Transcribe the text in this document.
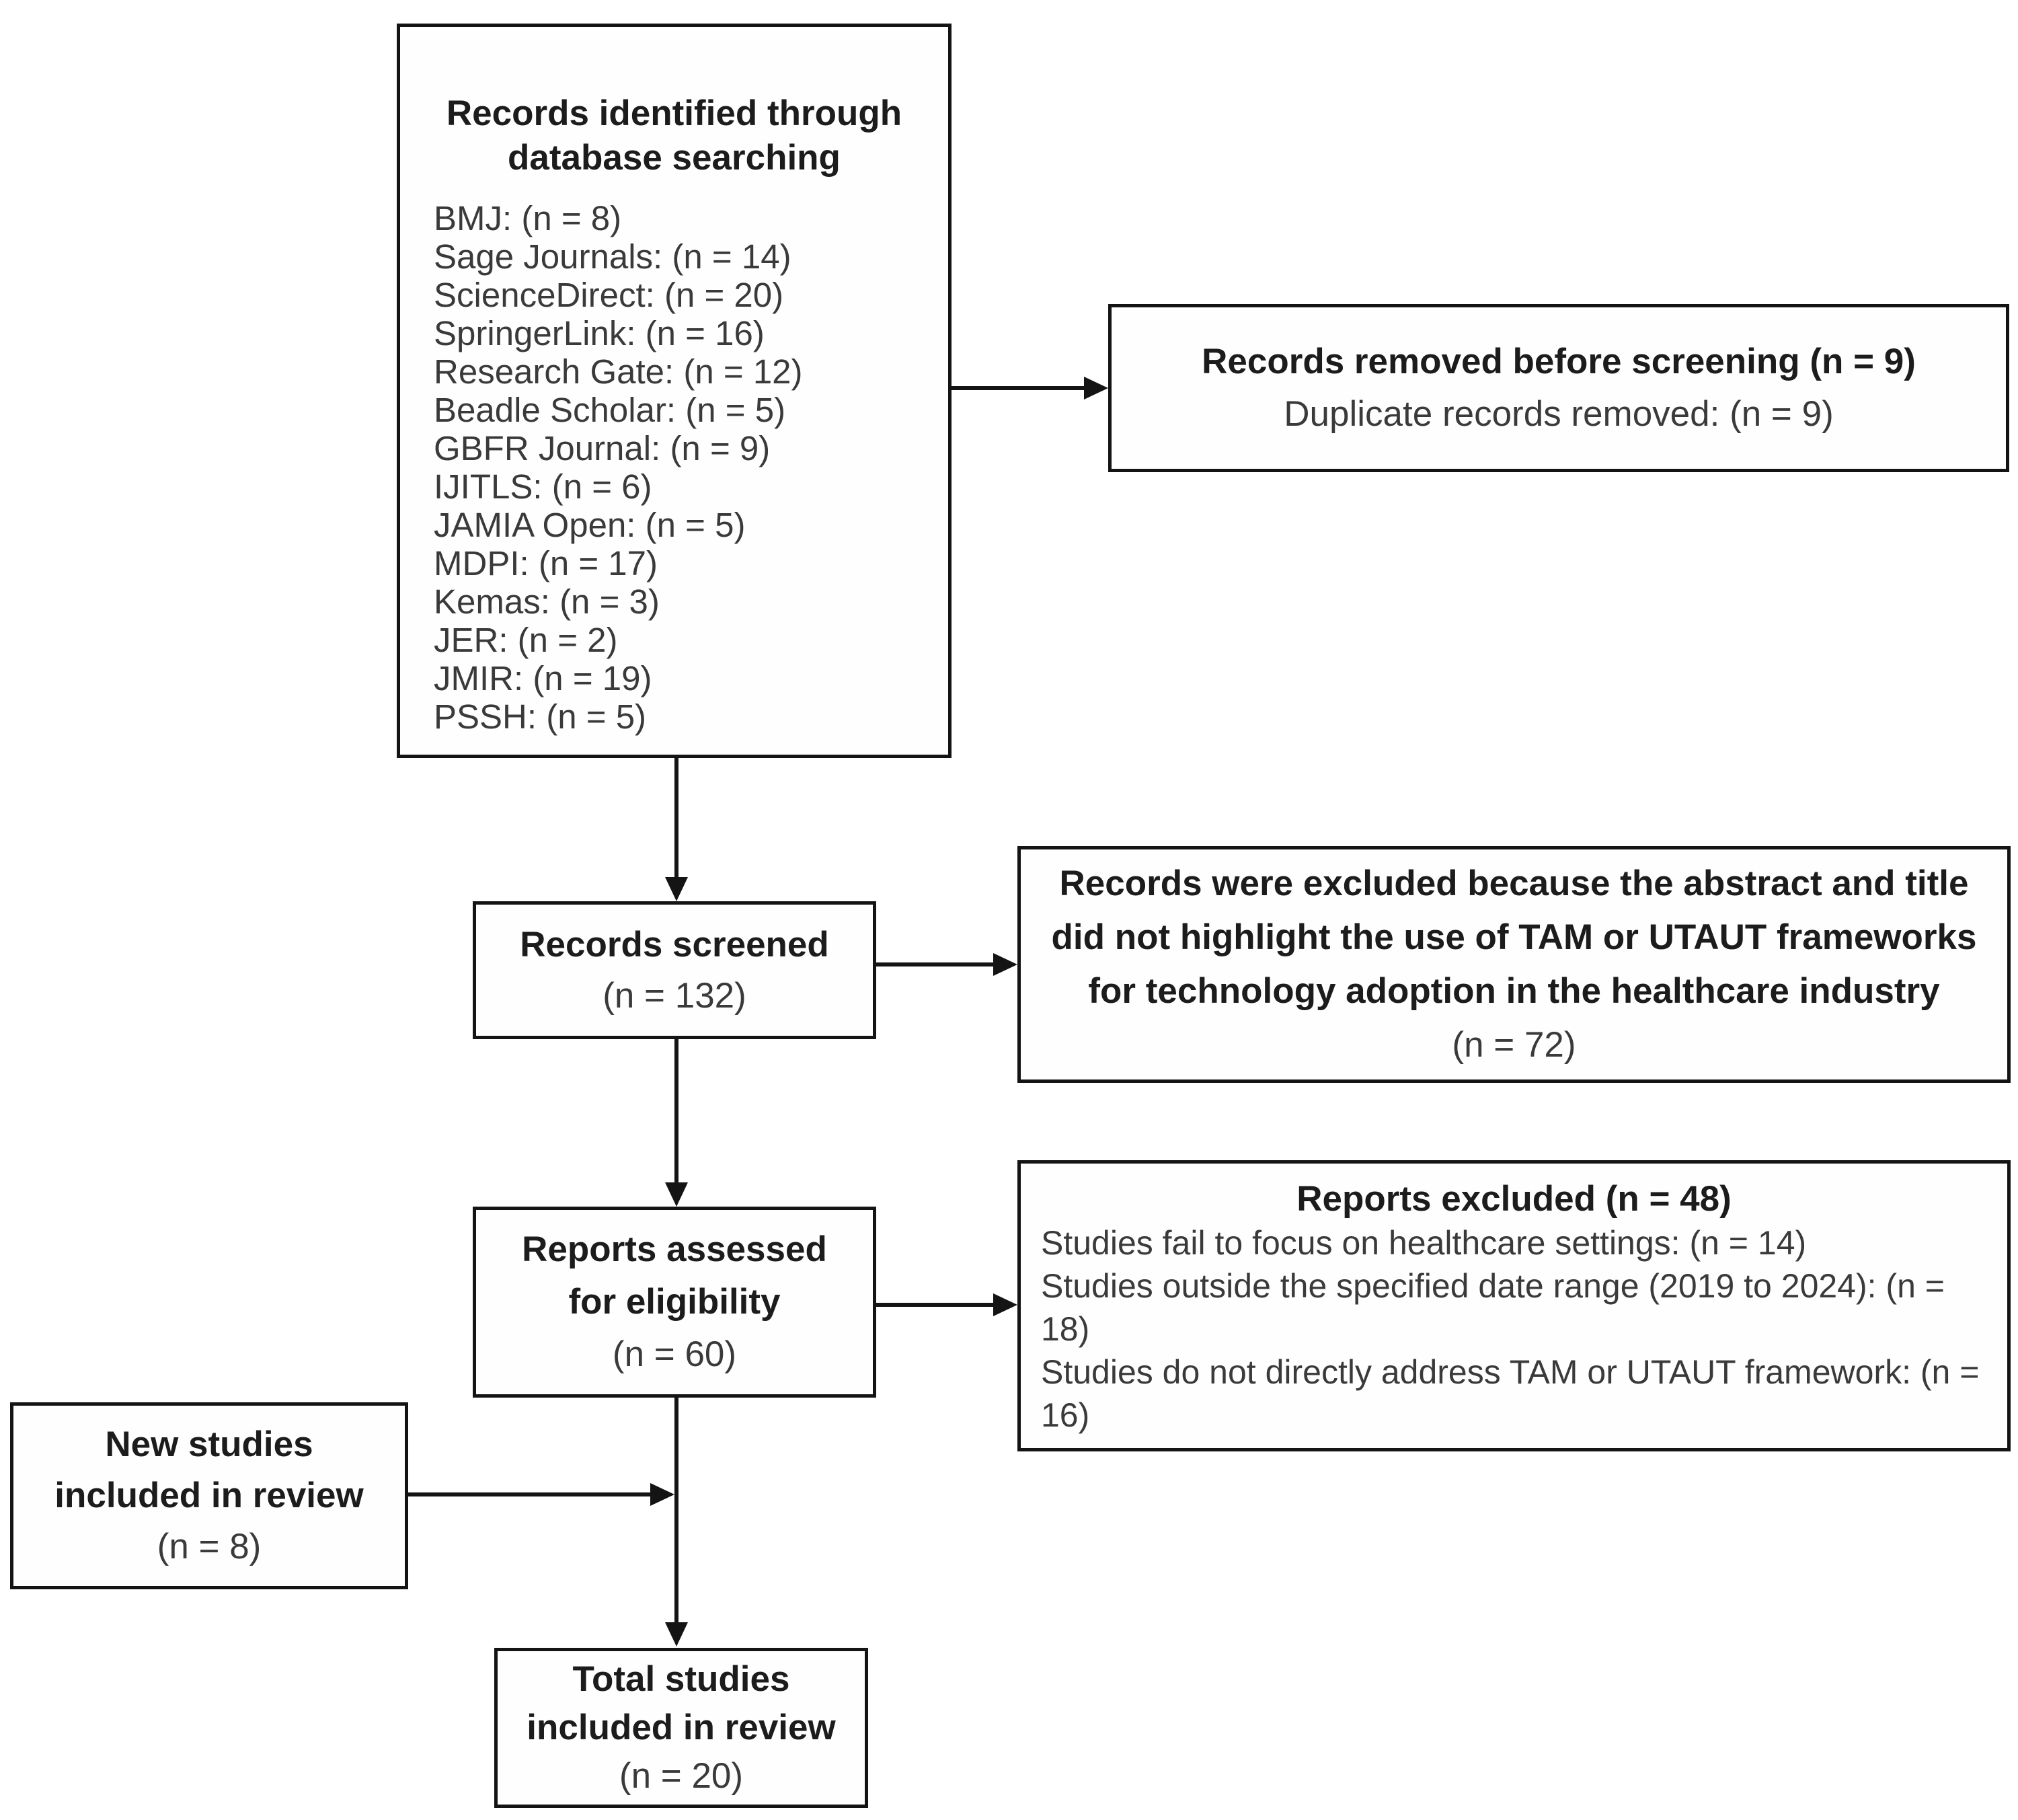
Records identified through
database searching
BMJ: (n = 8)
Sage Journals: (n = 14)
ScienceDirect: (n = 20)
SpringerLink: (n = 16)
Research Gate: (n = 12)
Beadle Scholar: (n = 5)
GBFR Journal: (n = 9)
IJITLS: (n = 6)
JAMIA Open: (n = 5)
MDPI: (n = 17)
Kemas: (n = 3)
JER: (n = 2)
JMIR: (n = 19)
PSSH: (n = 5)
Records removed before screening (n = 9)
Duplicate records removed: (n = 9)
Records screened
(n = 132)
Records were excluded because the abstract and title
did not highlight the use of TAM or UTAUT frameworks
for technology adoption in the healthcare industry
(n = 72)
Reports assessed
for eligibility
(n = 60)
Reports excluded (n = 48)
Studies fail to focus on healthcare settings: (n = 14)
Studies outside the specified date range (2019 to 2024): (n = 18)
Studies do not directly address TAM or UTAUT framework: (n = 16)
New studies
included in review
(n = 8)
Total studies
included in review
(n = 20)
